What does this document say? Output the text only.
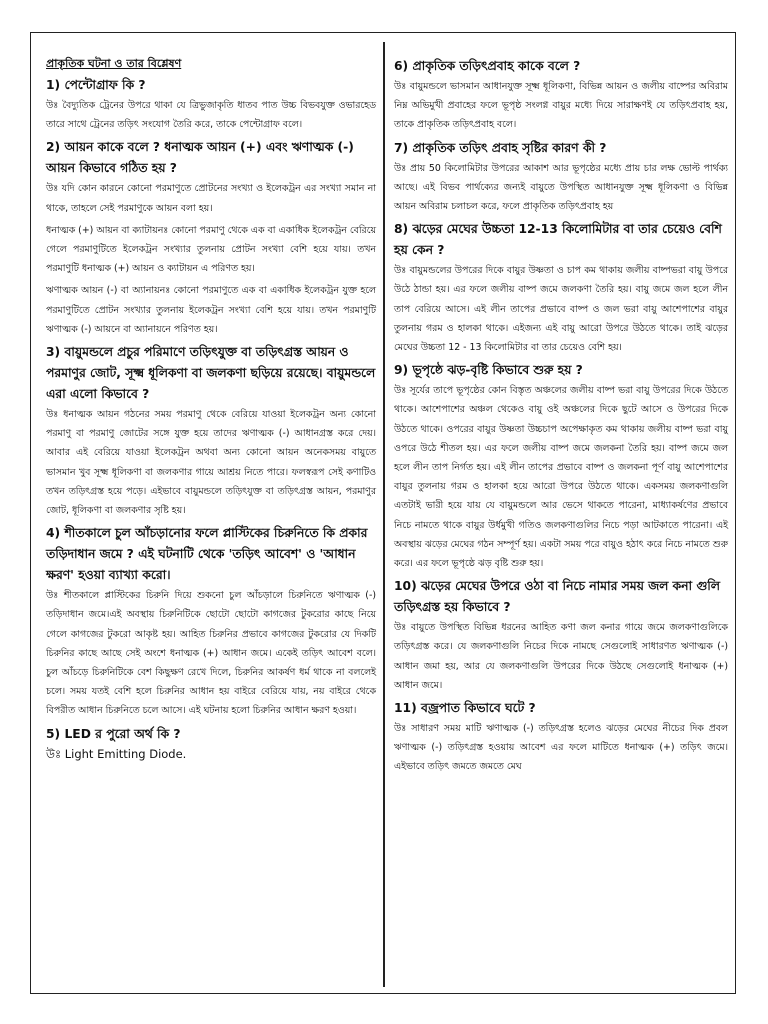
প্রাকৃতিক ঘটনা ও তার বিশ্লেষণ

1) পেন্টোগ্রাফ কি ?

উঃ বৈদ্যুতিক ট্রেনের উপরে থাকা যে ত্রিভুজাকৃতি ধাতব পাত উচ্চ বিভবযুক্ত ওভারহেড তারে সাথে ট্রেনের তড়িৎ সংযোগ তৈরি করে, তাকে পেন্টোগ্রাফ বলে।

2) আয়ন কাকে বলে ? ধনাত্মক আয়ন (+) এবং ঋণাত্মক (-) আয়ন কিভাবে গঠিত হয় ?

উঃ যদি কোন কারনে কোনো পরমাণুতে প্রোটনের সংখ্যা ও ইলেকট্রন এর সংখ্যা সমান না থাকে, তাহলে সেই পরমাণুকে আয়ন বলা হয়।

ধনাত্মক (+) আয়ন বা ক্যাটায়নঃ কোনো পরমাণু থেকে এক বা একাধিক ইলেকট্রন বেরিয়ে গেলে পরমাণুটিতে ইলেকট্রন সংখ্যার তুলনায় প্রোটন সংখ্যা বেশি হয়ে যায়। তখন পরমাণুটি ধনাত্মক (+) আয়ন ও ক্যাটায়ন এ পরিণত হয়।

ঋণাত্মক আয়ন (-) বা অ্যানায়নঃ কোনো পরমাণুতে এক বা একাধিক ইলেকট্রন যুক্ত হলে পরমাণুটিতে প্রোটন সংখ্যার তুলনায় ইলেকট্রন সংখ্যা বেশি হয়ে যায়। তখন পরমাণুটি ঋণাত্মক (-) আয়নে বা অ্যানায়নে পরিণত হয়।

3) বায়ুমন্ডলে প্রচুর পরিমাণে তড়িৎযুক্ত বা তড়িৎগ্রস্ত আয়ন ও পরমাণুর জোট, সূক্ষ্ম ধূলিকণা বা জলকণা ছড়িয়ে রয়েছে। বায়ুমন্ডলে এরা এলো কিভাবে ?

উঃ ধনাত্মক আয়ন গঠনের সময় পরমাণু থেকে বেরিয়ে যাওয়া ইলেকট্রন অন্য কোনো পরমাণু বা পরমাণু জোটের সঙ্গে যুক্ত হয়ে তাদের ঋণাত্মক (-) আধানগ্রস্ত করে দেয়। আবার এই বেরিয়ে যাওয়া ইলেকট্রন অথবা অন্য কোনো আয়ন অনেকসময় বায়ুতে ভাসমান খুব সূক্ষ্ম ধূলিকণা বা জলকণার গায়ে আশ্রয় নিতে পারে। ফলস্বরূপ সেই কণাটিও তখন তড়িৎগ্রস্ত হয়ে পড়ে। এইভাবে বায়ুমন্ডলে তড়িৎযুক্ত বা তড়িৎগ্রস্ত আয়ন, পরমাণুর জোট, ধূলিকণা বা জলকণার সৃষ্টি হয়।

4) শীতকালে চুল আঁচড়ানোর ফলে প্লাস্টিকের চিরুনিতে কি প্রকার তড়িদাধান জমে ? এই ঘটনাটি থেকে 'তড়িৎ আবেশ' ও 'আধান ক্ষরণ' হওয়া ব্যাখ্যা করো।

উঃ শীতকালে প্লাস্টিকের চিরুনি দিয়ে শুকনো চুল আঁচড়ালে চিরুনিতে ঋণাত্মক (-) তড়িদাধান জমে।এই অবস্থায় চিরুনিটিকে ছোটো ছোটো কাগজের টুকরোর কাছে নিয়ে গেলে কাগজের টুকরো আকৃষ্ট হয়। আহিত চিরুনির প্রভাবে কাগজের টুকরোর যে দিকটি চিরুনির কাছে আছে সেই অংশে ধনাত্মক (+) আধান জমে। একেই তড়িৎ আবেশ বলে। চুল আঁচড়ে চিরুনিটিকে বেশ কিছুক্ষণ রেখে দিলে, চিরুনির আকর্ষণ ধর্ম থাকে না বললেই চলে। সময় যতই বেশি হলে চিরুনির আধান হয় বাইরে বেরিয়ে যায়, নয় বাইরে থেকে বিপরীত আধান চিরুনিতে চলে আসে। এই ঘটনায় হলো চিরুনির আধান ক্ষরণ হওয়া।

5) LED র পুরো অর্থ কি ?

উঃ Light Emitting Diode.

6) প্রাকৃতিক তড়িৎপ্রবাহ কাকে বলে ?

উঃ বায়ুমন্ডলে ভাসমান আধানযুক্ত সূক্ষ্ম ধূলিকণা, বিভিন্ন আয়ন ও জলীয় বাষ্পের অবিরাম নিম্ন অভিমুখী প্রবাহের ফলে ভূপৃষ্ঠ সংলগ্ন বায়ুর মধ্যে দিয়ে সারাক্ষণই যে তড়িৎপ্রবাহ হয়, তাকে প্রাকৃতিক তড়িৎপ্রবাহ বলে।

7) প্রাকৃতিক তড়িৎ প্রবাহ সৃষ্টির কারণ কী ?

উঃ প্রায় 50 কিলোমিটার উপরের আকাশ আর ভূপৃষ্ঠের মধ্যে প্রায় চার লক্ষ ভোল্ট পার্থক্য আছে। এই বিভব পার্থক্যের জন্যই বায়ুতে উপস্থিত আধানযুক্ত সূক্ষ্ম ধূলিকণা ও বিভিন্ন আয়ন অবিরাম চলাচল করে, ফলে প্রাকৃতিক তড়িৎপ্রবাহ হয়

8) ঝড়ের মেঘের উচ্চতা 12-13 কিলোমিটার বা তার চেয়েও বেশি হয় কেন ?

উঃ বায়ুমন্ডলের উপরের দিকে বায়ুর উষ্ণতা ও চাপ কম থাকায় জলীয় বাষ্পভরা বায়ু উপরে উঠে ঠান্ডা হয়। এর ফলে জলীয় বাষ্প জমে জলকণা তৈরি হয়। বায়ু জমে জল হলে লীন তাপ বেরিয়ে আসে। এই লীন তাপের প্রভাবে বাষ্প ও জল ভরা বায়ু আশেপাশের বায়ুর তুলনায় গরম ও হালকা থাকে। এইজন্য এই বায়ু আরো উপরে উঠতে থাকে। তাই ঝড়ের মেঘের উচ্চতা 12 - 13 কিলোমিটার বা তার চেয়েও বেশি হয়।

9) ভূপৃষ্ঠে ঝড়-বৃষ্টি কিভাবে শুরু হয় ?

উঃ সূর্যের তাপে ভূপৃষ্ঠের কোন বিস্তৃত অঞ্চলের জলীয় বাষ্প ভরা বায়ু উপরের দিকে উঠতে থাকে। আশেপাশের অঞ্চল থেকেও বায়ু ওই অঞ্চলের দিকে ছুটে আসে ও উপরের দিকে উঠতে থাকে। ওপরের বায়ুর উষ্ণতা উচ্চচাপ অপেক্ষাকৃত কম থাকায় জলীয় বাষ্প ভরা বায়ু ওপরে উঠে শীতল হয়। এর ফলে জলীয় বাষ্প জমে জলকনা তৈরি হয়। বাষ্প জমে জল হলে লীন তাপ নির্গত হয়। এই লীন তাপের প্রভাবে বাষ্প ও জলকনা পূর্ণ বায়ু আশেপাশের বায়ুর তুলনায় গরম ও হালকা হয়ে আরো উপরে উঠতে থাকে। একসময় জলকণাগুলি এতটাই ভারী হয়ে যায় যে বায়ুমন্ডলে আর ভেসে থাকতে পারেনা, মাধ্যাকর্ষণের প্রভাবে নিচে নামতে থাকে বায়ুর উর্ধমুখী গতিও জলকণাগুলির নিচে পড়া আটকাতে পারেনা। এই অবস্থায় ঝড়ের মেঘের গঠন সম্পূর্ণ হয়। একটা সময় পরে বায়ুও হঠাৎ করে নিচে নামতে শুরু করে। এর ফলে ভূপৃষ্ঠে ঝড় বৃষ্টি শুরু হয়।

10) ঝড়ের মেঘের উপরে ওঠা বা নিচে নামার সময় জল কনা গুলি তড়িৎগ্রস্ত হয় কিভাবে ?

উঃ বায়ুতে উপস্থিত বিভিন্ন ধরনের আহিত কণা জল কনার গায়ে জমে জলকণাগুলিকে তড়িৎগ্রস্ত করে। যে জলকণাগুলি নিচের দিকে নামছে সেগুলোই সাধারণত ঋণাত্মক (-) আধান জমা হয়, আর যে জলকণাগুলি উপরের দিকে উঠছে সেগুলোই ধনাত্মক (+) আধান জমে।

11) বজ্রপাত কিভাবে ঘটে ?

উঃ সাধারণ সময় মাটি ঋণাত্মক (-) তড়িৎগ্রস্ত হলেও ঝড়ের মেঘের নীচের দিক প্রবল ঋণাত্মক (-) তড়িৎগ্রস্ত হওয়ায় আবেশ এর ফলে মাটিতে ধনাত্মক (+) তড়িৎ জমে। এইভাবে তড়িৎ জমতে জমতে মেঘ
